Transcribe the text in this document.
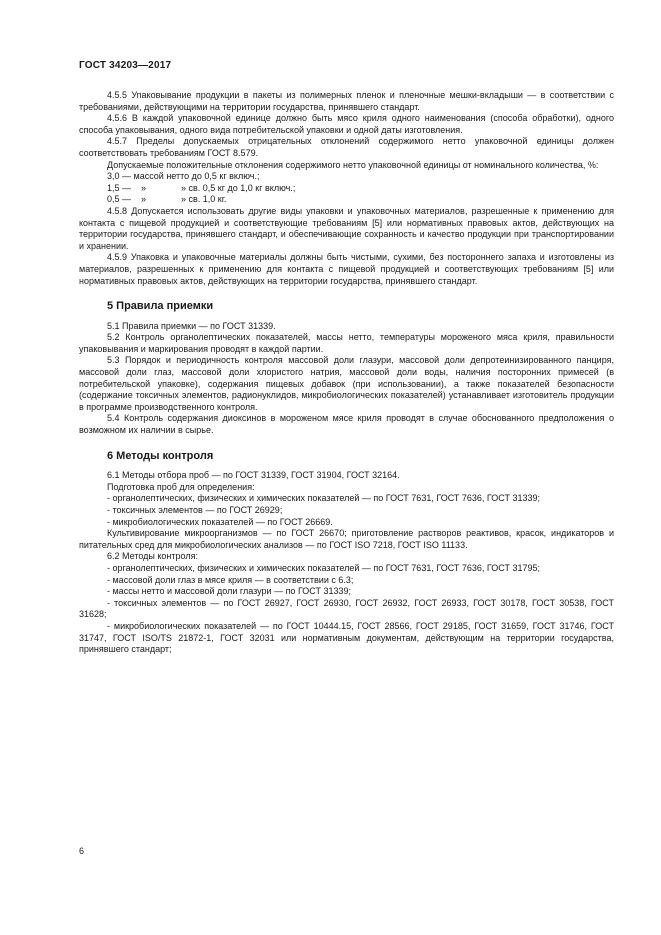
ГОСТ 34203—2017

4.5.5 Упаковывание продукции в пакеты из полимерных пленок и пленочные мешки-вкладыши — в соответствии с требованиями, действующими на территории государства, принявшего стандарт.

4.5.6 В каждой упаковочной единице должно быть мясо криля одного наименования (способа обработки), одного способа упаковывания, одного вида потребительской упаковки и одной даты изготовления.

4.5.7 Пределы допускаемых отрицательных отклонений содержимого нетто упаковочной единицы должен соответствовать требованиям ГОСТ 8.579.

Допускаемые положительные отклонения содержимого нетто упаковочной единицы от номинального количества, %:

3,0 — массой нетто до 0,5 кг включ.;
1,5 —	»	» св. 0,5 кг до 1,0 кг включ.;
0,5 —	»	» св. 1,0 кг.

4.5.8 Допускается использовать другие виды упаковки и упаковочных материалов, разрешенные к применению для контакта с пищевой продукцией и соответствующие требованиям [5] или нормативных правовых актов, действующих на территории государства, принявшего стандарт, и обеспечивающие сохранность и качество продукции при транспортировании и хранении.

4.5.9 Упаковка и упаковочные материалы должны быть чистыми, сухими, без постороннего запаха и изготовлены из материалов, разрешенных к применению для контакта с пищевой продукцией и соответствующих требованиям [5] или нормативных правовых актов, действующих на территории государства, принявшего стандарт.

5 Правила приемки

5.1 Правила приемки — по ГОСТ 31339.

5.2 Контроль органолептических показателей, массы нетто, температуры мороженого мяса криля, правильности упаковывания и маркирования проводят в каждой партии.

5.3 Порядок и периодичность контроля массовой доли глазури, массовой доли депротеинизированного панциря, массовой доли глаз, массовой доли хлористого натрия, массовой доли воды, наличия посторонних примесей (в потребительской упаковке), содержания пищевых добавок (при использовании), а также показателей безопасности (содержание токсичных элементов, радионуклидов, микробиологических показателей) устанавливает изготовитель продукции в программе производственного контроля.

5.4 Контроль содержания диоксинов в мороженом мясе криля проводят в случае обоснованного предположения о возможном их наличии в сырье.

6 Методы контроля

6.1 Методы отбора проб — по ГОСТ 31339, ГОСТ 31904, ГОСТ 32164.

Подготовка проб для определения:

- органолептических, физических и химических показателей — по ГОСТ 7631, ГОСТ 7636, ГОСТ 31339;

- токсичных элементов — по ГОСТ 26929;

- микробиологических показателей — по ГОСТ 26669.

Культивирование микроорганизмов — по ГОСТ 26670; приготовление растворов реактивов, красок, индикаторов и питательных сред для микробиологических анализов — по ГОСТ ISO 7218, ГОСТ ISO 11133.

6.2 Методы контроля:

- органолептических, физических и химических показателей — по ГОСТ 7631, ГОСТ 7636, ГОСТ 31795;

- массовой доли глаз в мясе криля — в соответствии с 6.3;

- массы нетто и массовой доли глазури — по ГОСТ 31339;

- токсичных элементов — по ГОСТ 26927, ГОСТ 26930, ГОСТ 26932, ГОСТ 26933, ГОСТ 30178, ГОСТ 30538, ГОСТ 31628;

- микробиологических показателей — по ГОСТ 10444.15, ГОСТ 28566, ГОСТ 29185, ГОСТ 31659, ГОСТ 31746, ГОСТ 31747, ГОСТ ISO/TS 21872-1, ГОСТ 32031 или нормативным документам, действующим на территории государства, принявшего стандарт;

6
